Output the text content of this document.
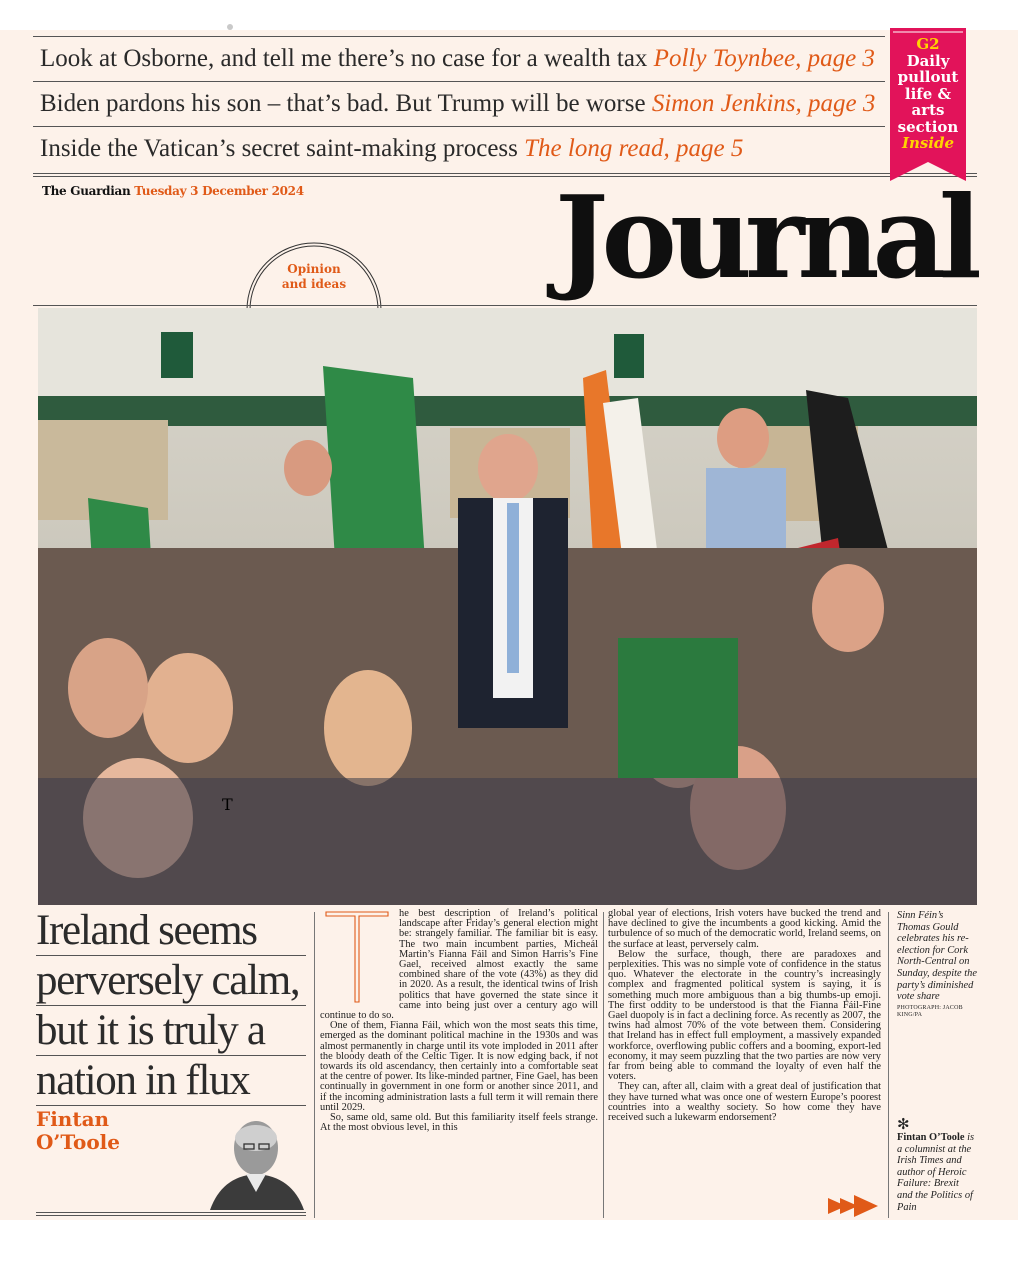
Look at Osborne, and tell me there’s no case for a wealth tax Polly Toynbee, page 3
Biden pardons his son – that’s bad. But Trump will be worse Simon Jenkins, page 3
Inside the Vatican’s secret saint-making process The long read, page 5
G2
Daily
pullout
life &
arts
section
Inside
The Guardian Tuesday 3 December 2024 Journal
Opinion
and ideas
Ireland seems
perversely calm,
but it is truly a
nation in flux
Fintan
O’Toole
T

he best description of Ireland’s political landscape after Friday’s general election might be: strangely familiar. The familiar bit is easy. The two main incumbent parties, Micheál Martin’s Fianna Fáil and Simon Harris’s Fine Gael, received almost exactly the same combined share of the vote (43%) as they did in 2020. As a result, the identical twins of Irish politics that have governed the state since it came into being just over a century ago will continue to do so.

One of them, Fianna Fáil, which won the most seats this time, emerged as the dominant political machine in the 1930s and was almost permanently in charge until its vote imploded in 2011 after the bloody death of the Celtic Tiger. It is now edging back, if not towards its old ascendancy, then certainly into a comfortable seat at the centre of power. Its like-minded partner, Fine Gael, has been continually in government in one form or another since 2011, and if the incoming administration lasts a full term it will remain there until 2029.

So, same old, same old. But this familiarity itself feels strange. At the most obvious level, in this

global year of elections, Irish voters have bucked the trend and have declined to give the incumbents a good kicking. Amid the turbulence of so much of the democratic world, Ireland seems, on the surface at least, perversely calm.

Below the surface, though, there are paradoxes and perplexities. This was no simple vote of confidence in the status quo. Whatever the electorate in the country’s increasingly complex and fragmented political system is saying, it is something much more ambiguous than a big thumbs-up emoji. The first oddity to be understood is that the Fianna Fáil-Fine Gael duopoly is in fact a declining force. As recently as 2007, the twins had almost 70% of the vote between them. Considering that Ireland has in effect full employment, a massively expanded workforce, overflowing public coffers and a booming, export-led economy, it may seem puzzling that the two parties are now very far from being able to command the loyalty of even half the voters.

They can, after all, claim with a great deal of justification that they have turned what was once one of western Europe’s poorest countries into a wealthy society. So how come they have received such a lukewarm endorsement?

Sinn Féin’s Thomas Gould celebrates his re-election for Cork North-Central on Sunday, despite the party’s diminished vote share
PHOTOGRAPH: JACOB KING/PA
✻
Fintan O’Toole is a columnist at the Irish Times and author of Heroic Failure: Brexit and the Politics of Pain
